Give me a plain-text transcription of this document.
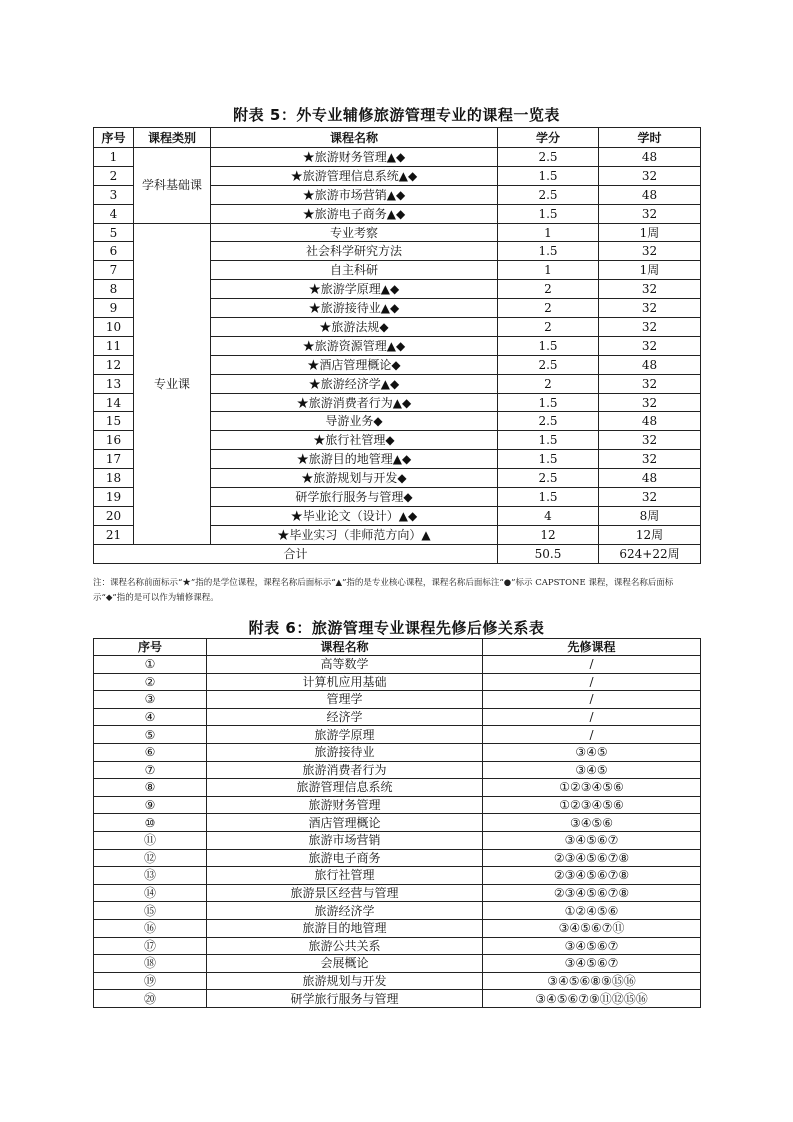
附表 5：外专业辅修旅游管理专业的课程一览表
序号	课程类别	课程名称	学分	学时
1	学科基础课	★旅游财务管理▲◆	2.5	48
2		★旅游管理信息系统▲◆	1.5	32
3		★旅游市场营销▲◆	2.5	48
4		★旅游电子商务▲◆	1.5	32
5	专业课	专业考察	1	1周
6		社会科学研究方法	1.5	32
7		自主科研	1	1周
8		★旅游学原理▲◆	2	32
9		★旅游接待业▲◆	2	32
10		★旅游法规◆	2	32
11		★旅游资源管理▲◆	1.5	32
12		★酒店管理概论◆	2.5	48
13		★旅游经济学▲◆	2	32
14		★旅游消费者行为▲◆	1.5	32
15		导游业务◆	2.5	48
16		★旅行社管理◆	1.5	32
17		★旅游目的地管理▲◆	1.5	32
18		★旅游规划与开发◆	2.5	48
19		研学旅行服务与管理◆	1.5	32
20		★毕业论文（设计）▲◆	4	8周
21		★毕业实习（非师范方向）▲	12	12周
合计			50.5	624+22周
注：课程名称前面标示“★”指的是学位课程，课程名称后面标示“▲”指的是专业核心课程，课程名称后面标注“●”标示 CAPSTONE 课程，课程名称后面标示“◆”指的是可以作为辅修课程。
附表 6：旅游管理专业课程先修后修关系表
序号	课程名称	先修课程
①	高等数学	/
②	计算机应用基础	/
③	管理学	/
④	经济学	/
⑤	旅游学原理	/
⑥	旅游接待业	③④⑤
⑦	旅游消费者行为	③④⑤
⑧	旅游管理信息系统	①②③④⑤⑥
⑨	旅游财务管理	①②③④⑤⑥
⑩	酒店管理概论	③④⑤⑥
⑪	旅游市场营销	③④⑤⑥⑦
⑫	旅游电子商务	②③④⑤⑥⑦⑧
⑬	旅行社管理	②③④⑤⑥⑦⑧
⑭	旅游景区经营与管理	②③④⑤⑥⑦⑧
⑮	旅游经济学	①②④⑤⑥
⑯	旅游目的地管理	③④⑤⑥⑦⑪
⑰	旅游公共关系	③④⑤⑥⑦
⑱	会展概论	③④⑤⑥⑦
⑲	旅游规划与开发	③④⑤⑥⑧⑨⑮⑯
⑳	研学旅行服务与管理	③④⑤⑥⑦⑨⑪⑫⑮⑯
